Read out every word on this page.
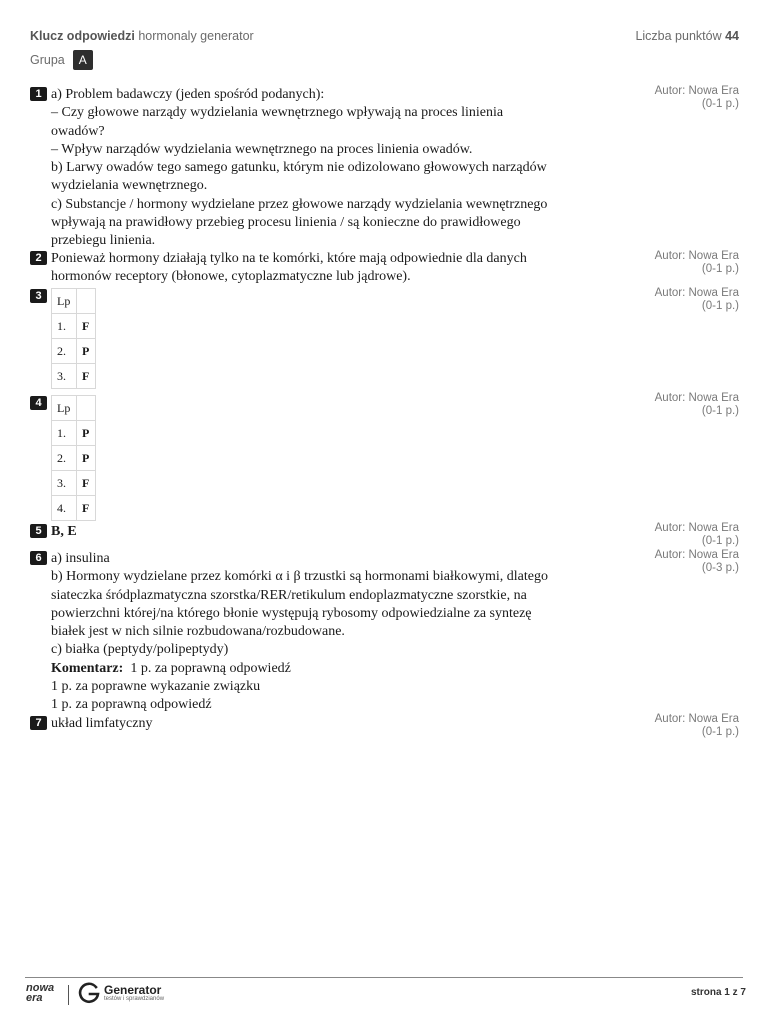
Klucz odpowiedzi hormonaly generator	Liczba punktów 44
Grupa	A
1 a) Problem badawczy (jeden spośród podanych):
– Czy głowowe narządy wydzielania wewnętrznego wpływają na proces linienia
owadów?
– Wpływ narządów wydzielania wewnętrznego na proces linienia owadów.
b) Larwy owadów tego samego gatunku, którym nie odizolowano głowowych narządów
wydzielania wewnętrznego.
c) Substancje / hormony wydzielane przez głowowe narządy wydzielania wewnętrznego
wpływają na prawidłowy przebieg procesu linienia / są konieczne do prawidłowego
przebiegu linienia.
Autor: Nowa Era
(0-1 p.)
2 Ponieważ hormony działają tylko na te komórki, które mają odpowiednie dla danych
hormonów receptory (błonowe, cytoplazmatyczne lub jądrowe).
Autor: Nowa Era
(0-1 p.)
3	Lp	
1.	F
2.	P
3.	F
Autor: Nowa Era
(0-1 p.)
4	Lp	
1.	P
2.	P
3.	F
4.	F
Autor: Nowa Era
(0-1 p.)
5 B, E	Autor: Nowa Era
(0-1 p.)
6 a) insulina
b) Hormony wydzielane przez komórki α i β trzustki są hormonami białkowymi, dlatego
siateczka śródplazmatyczna szorstka/RER/retikulum endoplazmatyczne szorstkie, na
powierzchni której/na którego błonie występują rybosomy odpowiedzialne za syntezę
białek jest w nich silnie rozbudowana/rozbudowane.
c) białka (peptydy/polipeptydy)
Komentarz: 1 p. za poprawną odpowiedź
1 p. za poprawne wykazanie związku
1 p. za poprawną odpowiedź
Autor: Nowa Era
(0-3 p.)
7 układ limfatyczny	Autor: Nowa Era
(0-1 p.)
nowa
era
Generator
testów i sprawdzianów
strona 1 z 7
